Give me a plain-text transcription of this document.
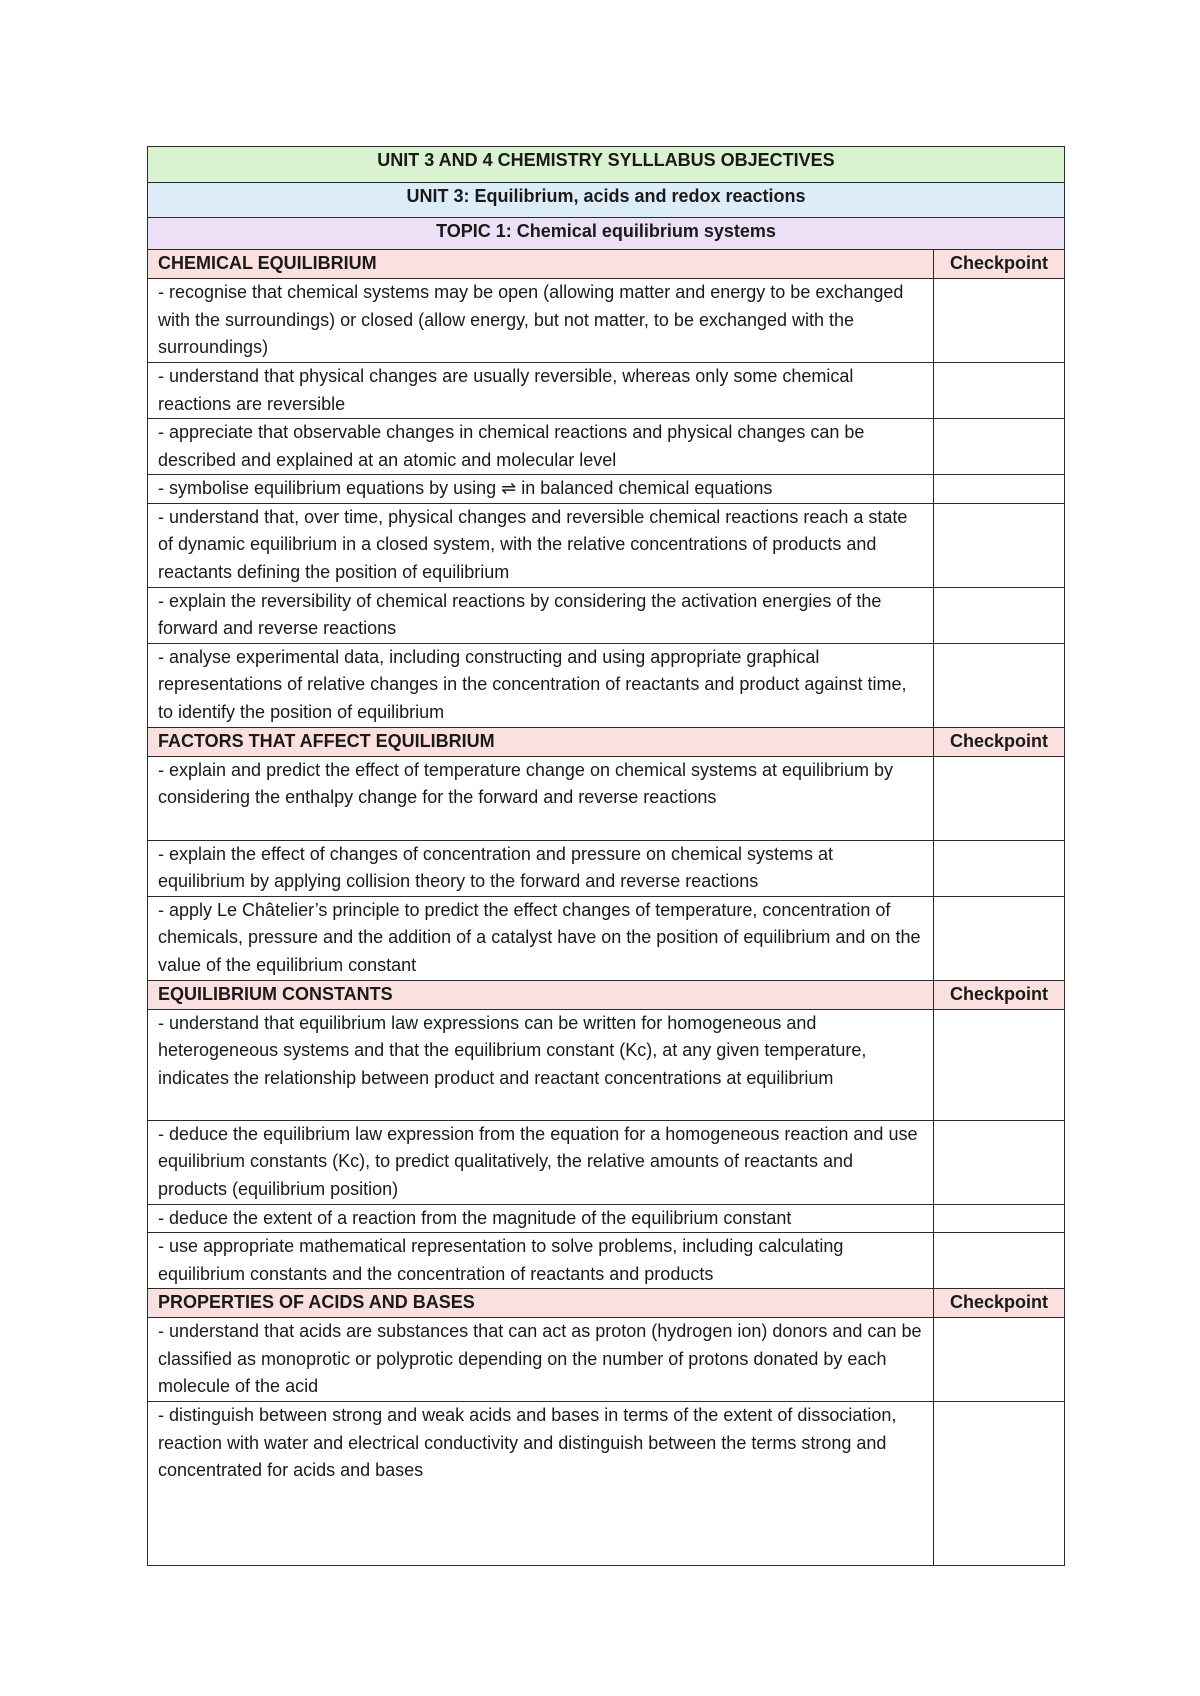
UNIT 3 AND 4 CHEMISTRY SYLLLABUS OBJECTIVES	
UNIT 3: Equilibrium, acids and redox reactions	
TOPIC 1: Chemical equilibrium systems	
CHEMICAL EQUILIBRIUM	Checkpoint
- recognise that chemical systems may be open (allowing matter and energy to be exchanged with the surroundings) or closed (allow energy, but not matter, to be exchanged with the surroundings)	
- understand that physical changes are usually reversible, whereas only some chemical reactions are reversible	
- appreciate that observable changes in chemical reactions and physical changes can be described and explained at an atomic and molecular level	
- symbolise equilibrium equations by using ⇌ in balanced chemical equations	
- understand that, over time, physical changes and reversible chemical reactions reach a state of dynamic equilibrium in a closed system, with the relative concentrations of products and reactants defining the position of equilibrium	
- explain the reversibility of chemical reactions by considering the activation energies of the forward and reverse reactions	
- analyse experimental data, including constructing and using appropriate graphical representations of relative changes in the concentration of reactants and product against time, to identify the position of equilibrium	
FACTORS THAT AFFECT EQUILIBRIUM	Checkpoint
- explain and predict the effect of temperature change on chemical systems at equilibrium by considering the enthalpy change for the forward and reverse reactions	
- explain the effect of changes of concentration and pressure on chemical systems at equilibrium by applying collision theory to the forward and reverse reactions	
- apply Le Châtelier’s principle to predict the effect changes of temperature, concentration of chemicals, pressure and the addition of a catalyst have on the position of equilibrium and on the value of the equilibrium constant	
EQUILIBRIUM CONSTANTS	Checkpoint
- understand that equilibrium law expressions can be written for homogeneous and heterogeneous systems and that the equilibrium constant (Kc), at any given temperature, indicates the relationship between product and reactant concentrations at equilibrium	
- deduce the equilibrium law expression from the equation for a homogeneous reaction and use equilibrium constants (Kc), to predict qualitatively, the relative amounts of reactants and products (equilibrium position)	
- deduce the extent of a reaction from the magnitude of the equilibrium constant	
- use appropriate mathematical representation to solve problems, including calculating equilibrium constants and the concentration of reactants and products	
PROPERTIES OF ACIDS AND BASES	Checkpoint
- understand that acids are substances that can act as proton (hydrogen ion) donors and can be classified as monoprotic or polyprotic depending on the number of protons donated by each molecule of the acid	
- distinguish between strong and weak acids and bases in terms of the extent of dissociation, reaction with water and electrical conductivity and distinguish between the terms strong and concentrated for acids and bases	
